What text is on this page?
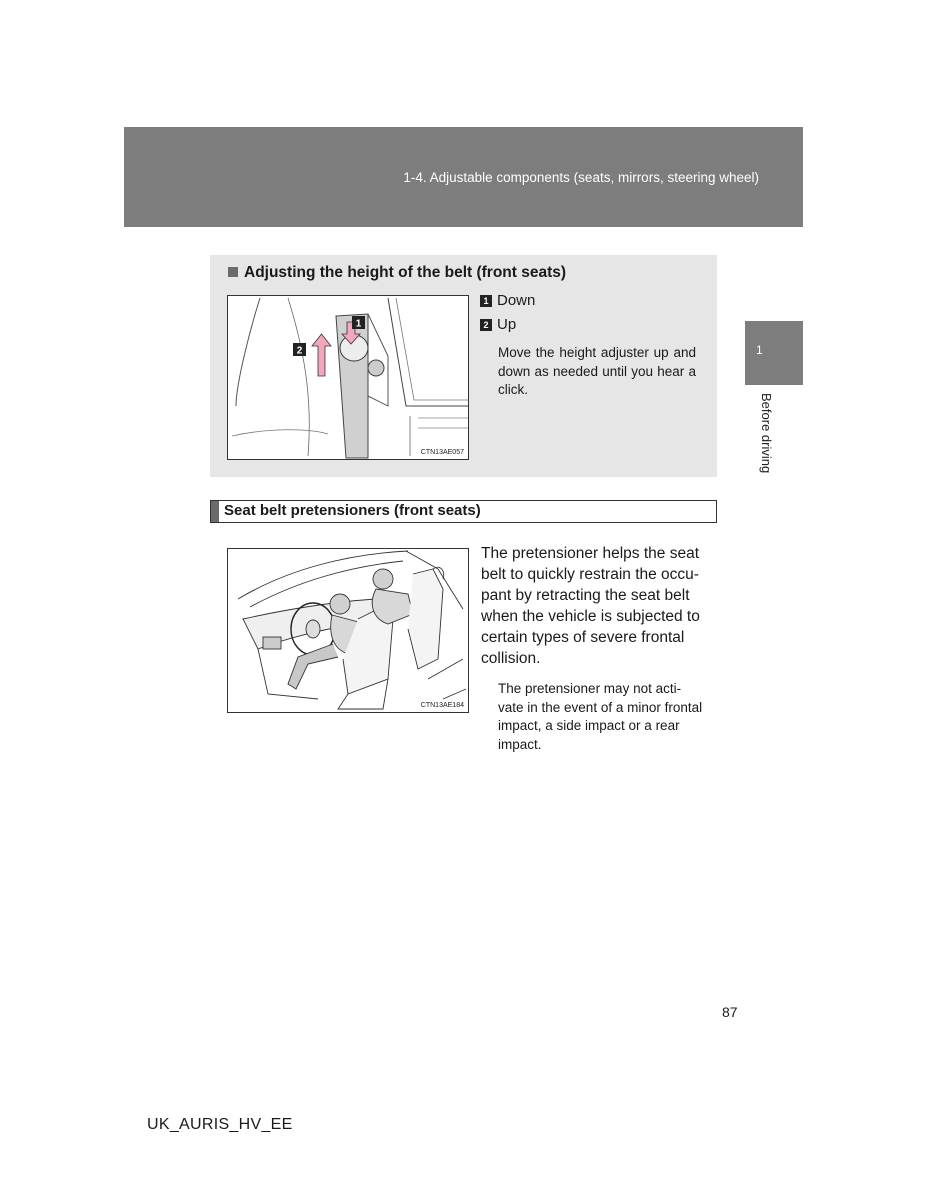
1-4. Adjustable components (seats, mirrors, steering wheel)
1
Before driving
Adjusting the height of the belt (front seats)
1
2
CTN13AE057
1 Down
2 Up
Move the height adjuster up and down as needed until you hear a click.
Seat belt pretensioners (front seats)
CTN13AE184
The pretensioner helps the seat
belt to quickly restrain the occu-
pant by retracting the seat belt
when the vehicle is subjected to
certain types of severe frontal
collision.
The pretensioner may not acti-
vate in the event of a minor frontal
impact, a side impact or a rear
impact.
87
UK_AURIS_HV_EE
